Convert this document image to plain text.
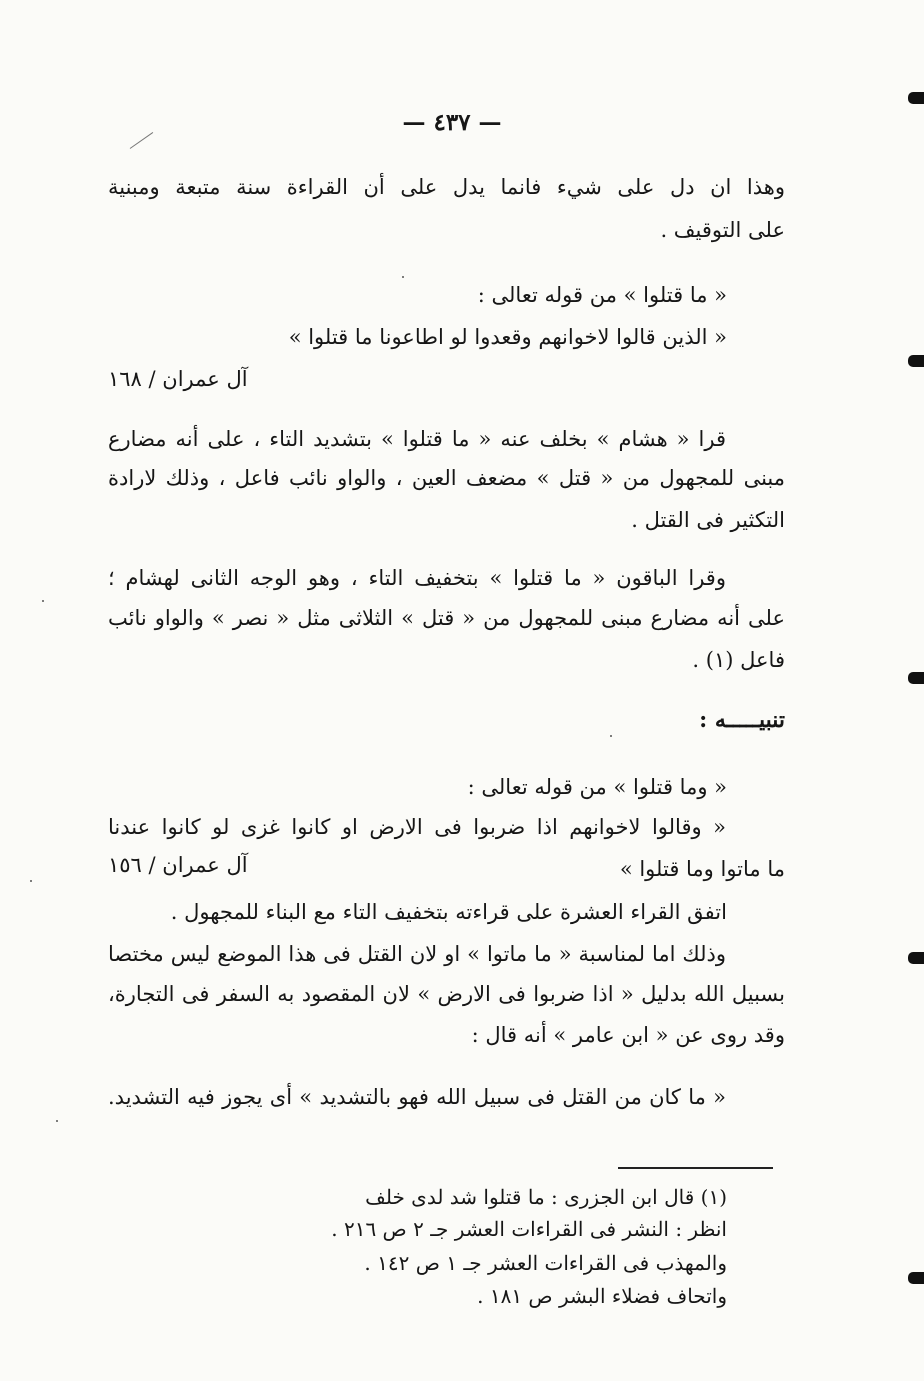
— ٤٣٧ —
وهذا ان دل على شيء فانما يدل على أن القراءة سنة متبعة ومبنية
على التوقيف .
« ما قتلوا » من قوله تعالى :
« الذين قالوا لاخوانهم وقعدوا لو اطاعونا ما قتلوا »
آل عمران / ١٦٨
قرا « هشام » بخلف عنه « ما قتلوا » بتشديد التاء ، على أنه مضارع
مبنى للمجهول من « قتل » مضعف العين ، والواو نائب فاعل ، وذلك لارادة
التكثير فى القتل .
وقرا الباقون « ما قتلوا » بتخفيف التاء ، وهو الوجه الثانى لهشام ؛
على أنه مضارع مبنى للمجهول من « قتل » الثلاثى مثل « نصر » والواو نائب
فاعل (١) .
تنبيـــــه :
« وما قتلوا » من قوله تعالى :
« وقالوا لاخوانهم اذا ضربوا فى الارض او كانوا غزى لو كانوا عندنا
ما ماتوا وما قتلوا »
آل عمران / ١٥٦
اتفق القراء العشرة على قراءته بتخفيف التاء مع البناء للمجهول .
وذلك اما لمناسبة « ما ماتوا » او لان القتل فى هذا الموضع ليس مختصا
بسبيل الله بدليل « اذا ضربوا فى الارض » لان المقصود به السفر فى التجارة،
وقد روى عن « ابن عامر » أنه قال :
« ما كان من القتل فى سبيل الله فهو بالتشديد » أى يجوز فيه التشديد.
(١) قال ابن الجزرى : ما قتلوا شد لدى خلف
انظر : النشر فى القراءات العشر جـ ٢ ص ٢١٦ .
والمهذب فى القراءات العشر جـ ١ ص ١٤٢ .
واتحاف فضلاء البشر ص ١٨١ .
